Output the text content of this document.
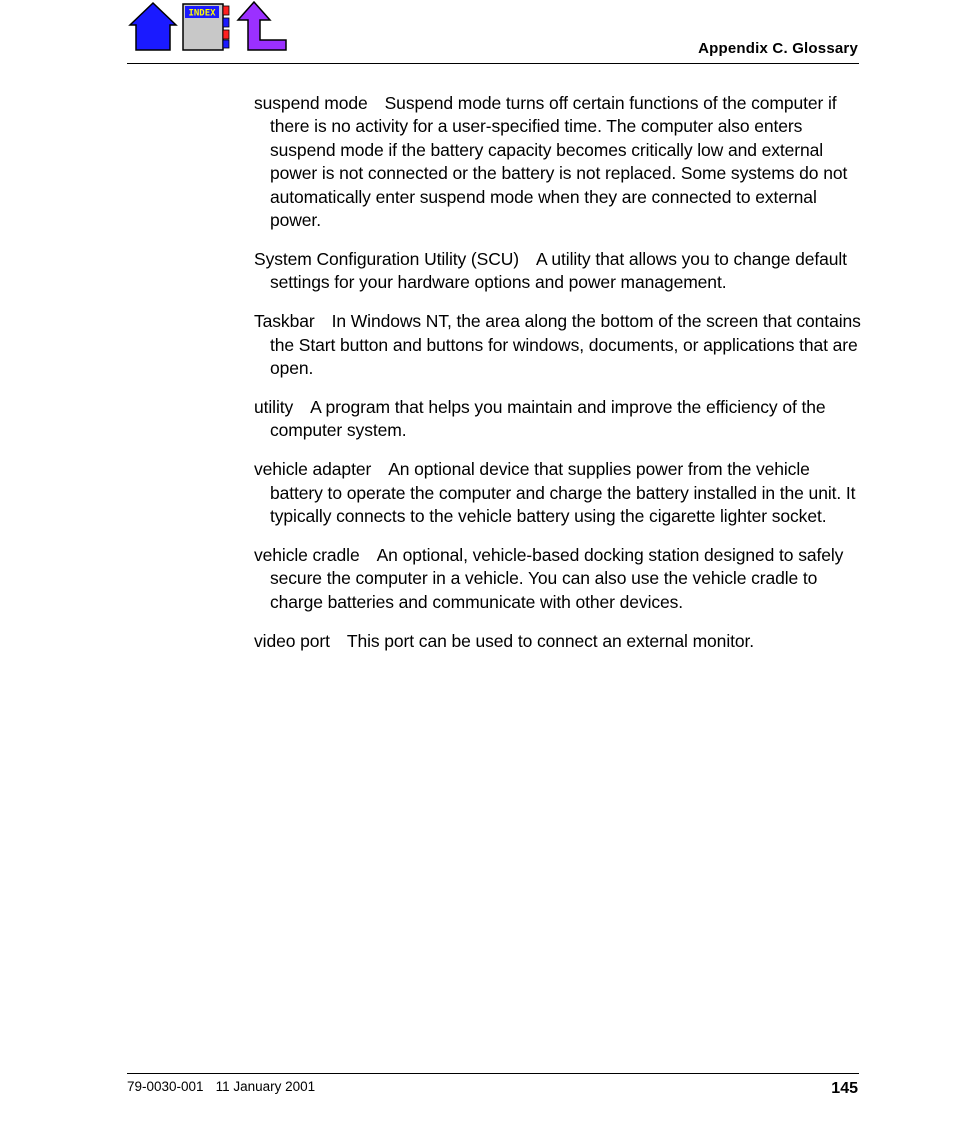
INDEX
Appendix C. Glossary

suspend mode Suspend mode turns off certain functions of the computer if there is no activity for a user-specified time. The computer also enters suspend mode if the battery capacity becomes critically low and external power is not connected or the battery is not replaced. Some systems do not automatically enter suspend mode when they are connected to external power.

System Configuration Utility (SCU) A utility that allows you to change default settings for your hardware options and power management.

Taskbar In Windows NT, the area along the bottom of the screen that contains the Start button and buttons for windows, documents, or applications that are open.

utility A program that helps you maintain and improve the efficiency of the computer system.

vehicle adapter An optional device that supplies power from the vehicle battery to operate the computer and charge the battery installed in the unit. It typically connects to the vehicle battery using the cigarette lighter socket.

vehicle cradle An optional, vehicle-based docking station designed to safely secure the computer in a vehicle. You can also use the vehicle cradle to charge batteries and communicate with other devices.

video port This port can be used to connect an external monitor.

79-0030-001 11 January 2001	145
